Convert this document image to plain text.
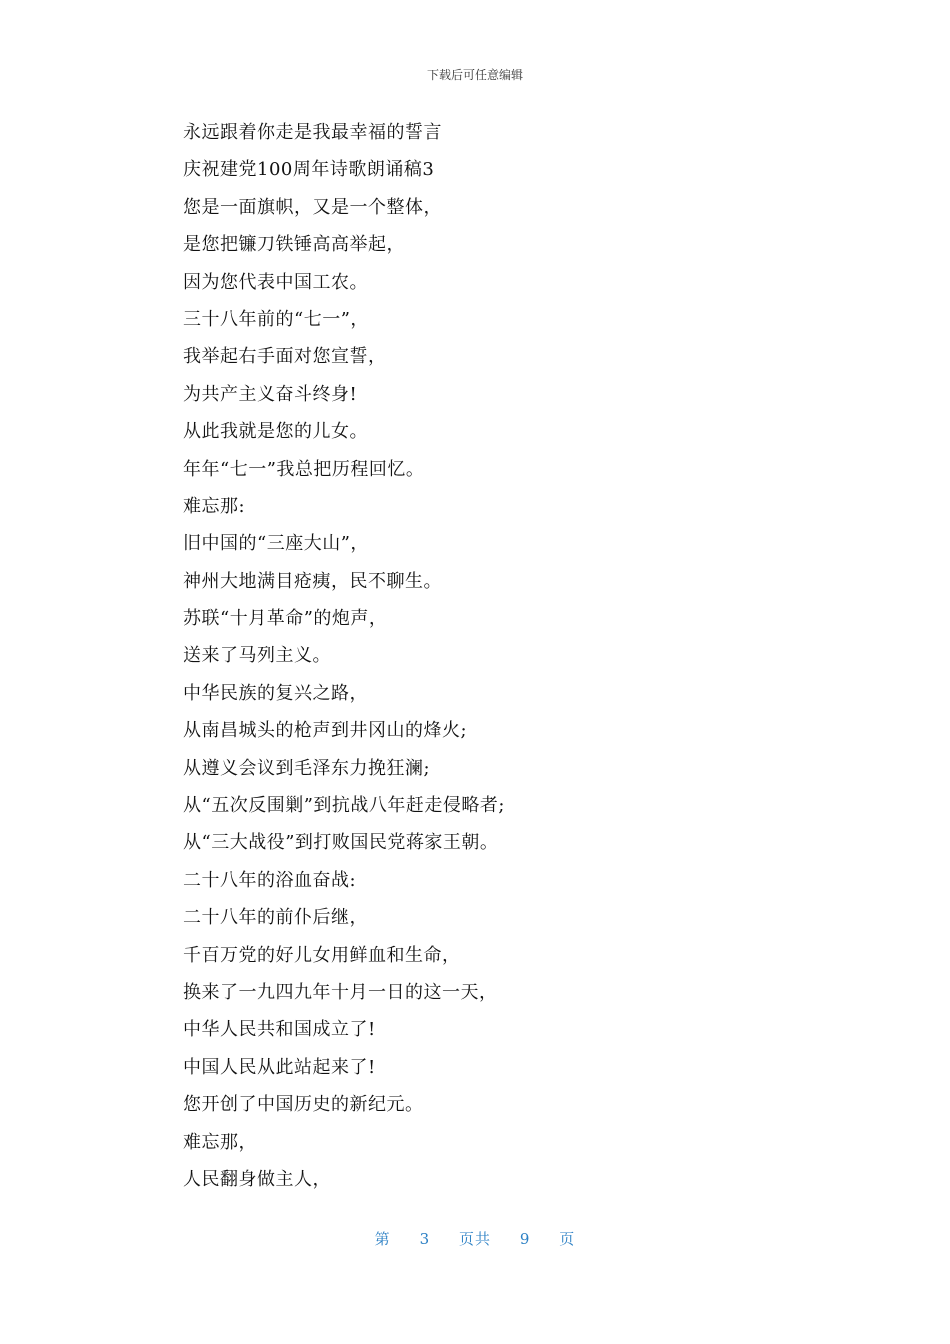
下载后可任意编辑
永远跟着你走是我最幸福的誓言
庆祝建党100周年诗歌朗诵稿3
您是一面旗帜，又是一个整体，
是您把镰刀铁锤高高举起，
因为您代表中国工农。
三十八年前的“七一”，
我举起右手面对您宣誓，
为共产主义奋斗终身!
从此我就是您的儿女。
年年“七一”我总把历程回忆。
难忘那:
旧中国的“三座大山”，
神州大地满目疮痍，民不聊生。
苏联“十月革命”的炮声，
送来了马列主义。
中华民族的复兴之路，
从南昌城头的枪声到井冈山的烽火;
从遵义会议到毛泽东力挽狂澜;
从“五次反围剿”到抗战八年赶走侵略者;
从“三大战役”到打败国民党蒋家王朝。
二十八年的浴血奋战:
二十八年的前仆后继，
千百万党的好儿女用鲜血和生命，
换来了一九四九年十月一日的这一天，
中华人民共和国成立了!
中国人民从此站起来了!
您开创了中国历史的新纪元。
难忘那，
人民翻身做主人，
第 3 页共 9 页
